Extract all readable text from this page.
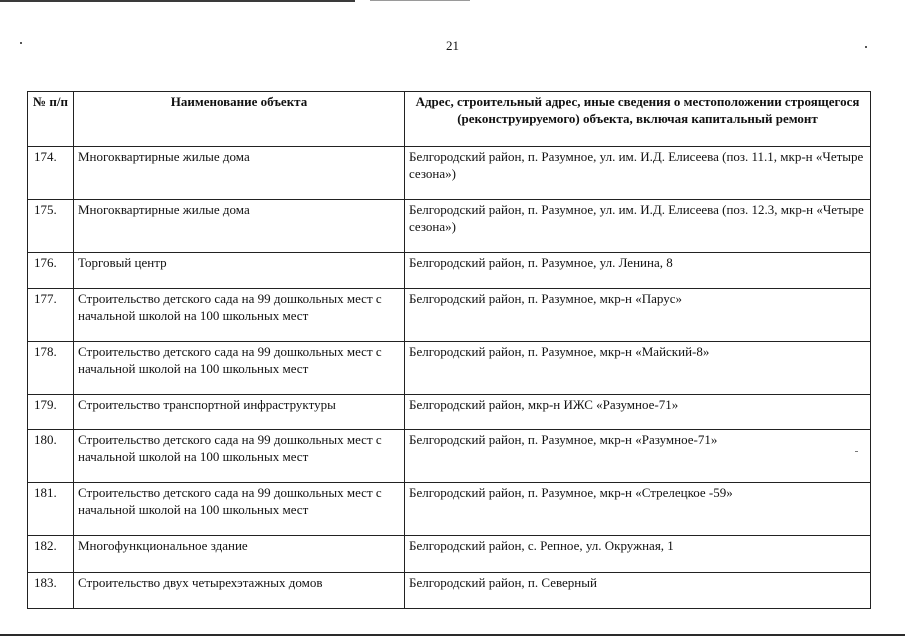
21
№ п/п	Наименование объекта	Адрес, строительный адрес, иные сведения о местоположении строящегося (реконструируемого) объекта, включая капитальный ремонт
174.	Многоквартирные жилые дома	Белгородский район, п. Разумное, ул. им. И.Д. Елисеева (поз. 11.1, мкр-н «Четыре сезона»)
175.	Многоквартирные жилые дома	Белгородский район, п. Разумное, ул. им. И.Д. Елисеева (поз. 12.3, мкр-н «Четыре сезона»)
176.	Торговый центр	Белгородский район, п. Разумное, ул. Ленина, 8
177.	Строительство детского сада на 99 дошкольных мест с начальной школой на 100 школьных мест	Белгородский район, п. Разумное, мкр-н «Парус»
178.	Строительство детского сада на 99 дошкольных мест с начальной школой на 100 школьных мест	Белгородский район, п. Разумное, мкр-н «Майский-8»
179.	Строительство транспортной инфраструктуры	Белгородский район, мкр-н ИЖС «Разумное-71»
180.	Строительство детского сада на 99 дошкольных мест с начальной школой на 100 школьных мест	Белгородский район, п. Разумное, мкр-н «Разумное-71»
181.	Строительство детского сада на 99 дошкольных мест с начальной школой на 100 школьных мест	Белгородский район, п. Разумное, мкр-н «Стрелецкое -59»
182.	Многофункциональное здание	Белгородский район, с. Репное, ул. Окружная, 1
183.	Строительство двух четырехэтажных домов	Белгородский район, п. Северный
